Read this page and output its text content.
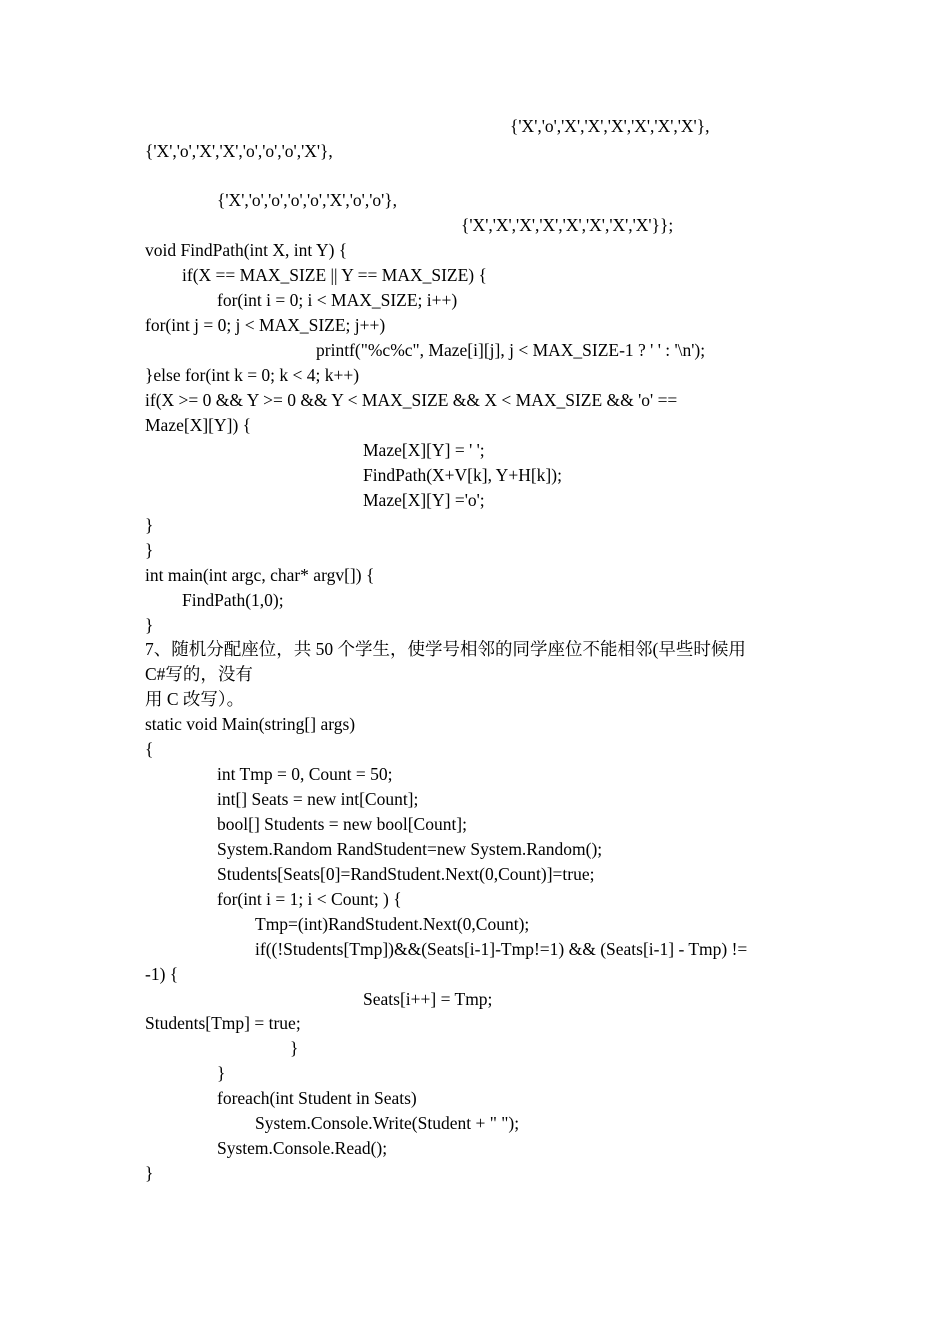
{'X','o','X','X','X','X','X','X'},
{'X','o','X','X','o','o','o','X'},
{'X','o','o','o','o','X','o','o'},
{'X','X','X','X','X','X','X','X'}};
void FindPath(int X, int Y) {
if(X == MAX_SIZE || Y == MAX_SIZE) {
for(int i = 0; i < MAX_SIZE; i++)
for(int j = 0; j < MAX_SIZE; j++)
printf("%c%c", Maze[i][j], j < MAX_SIZE-1 ? ' ' : '\n');
}else for(int k = 0; k < 4; k++)
if(X >= 0 && Y >= 0 && Y < MAX_SIZE && X < MAX_SIZE && 'o' ==
Maze[X][Y]) {
Maze[X][Y] = ' ';
FindPath(X+V[k], Y+H[k]);
Maze[X][Y] ='o';
}
}
int main(int argc, char* argv[]) {
FindPath(1,0);
}
7、随机分配座位，共 50 个学生，使学号相邻的同学座位不能相邻(早些时候用
C#写的，没有
用 C 改写）。
static void Main(string[] args)
{
int Tmp = 0, Count = 50;
int[] Seats = new int[Count];
bool[] Students = new bool[Count];
System.Random RandStudent=new System.Random();
Students[Seats[0]=RandStudent.Next(0,Count)]=true;
for(int i = 1; i < Count; ) {
Tmp=(int)RandStudent.Next(0,Count);
if((!Students[Tmp])&&(Seats[i-1]-Tmp!=1) && (Seats[i-1] - Tmp) !=
-1) {
Seats[i++] = Tmp;
Students[Tmp] = true;
}
}
foreach(int Student in Seats)
System.Console.Write(Student + " ");
System.Console.Read();
}
